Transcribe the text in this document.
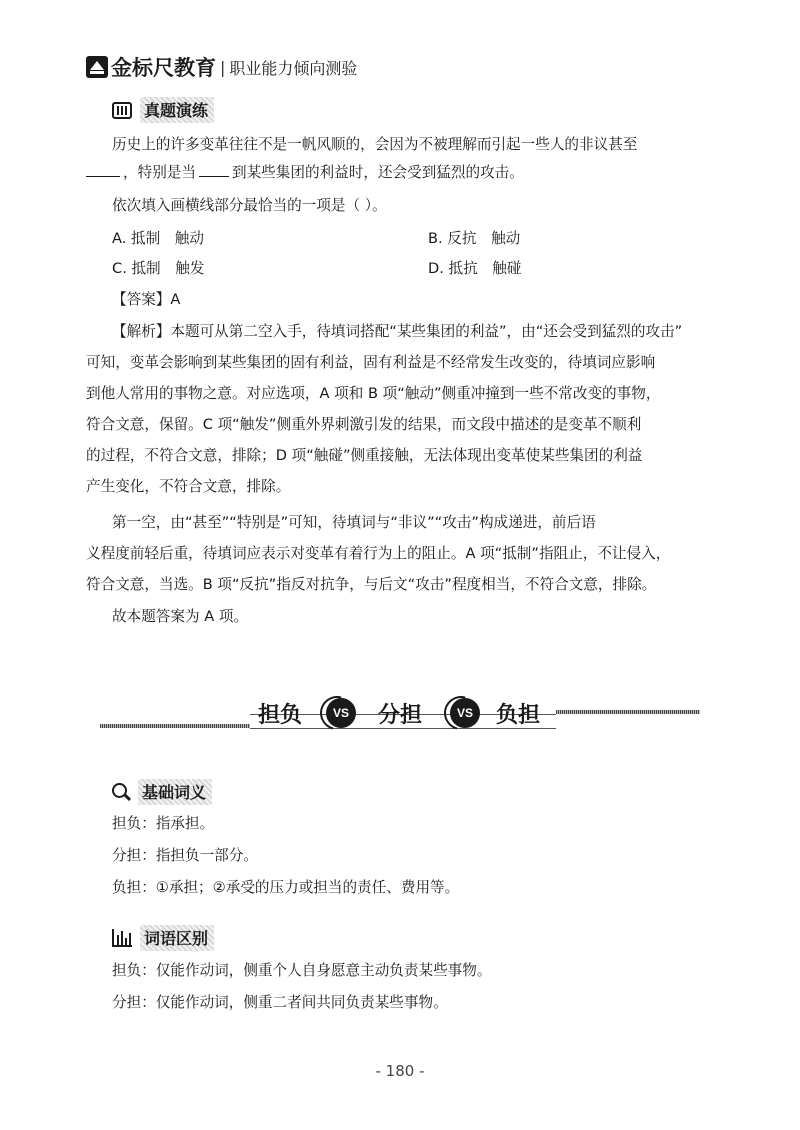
金标尺教育 | 职业能力倾向测验
真题演练
历史上的许多变革往往不是一帆风顺的，会因为不被理解而引起一些人的非议甚至
，特别是当 到某些集团的利益时，还会受到猛烈的攻击。
依次填入画横线部分最恰当的一项是（ ）。
A. 抵制　触动	B. 反抗　触动
C. 抵制　触发	D. 抵抗　触碰
【答案】A
【解析】本题可从第二空入手，待填词搭配“某些集团的利益”，由“还会受到猛烈的攻击”
可知，变革会影响到某些集团的固有利益，固有利益是不经常发生改变的，待填词应影响
到他人常用的事物之意。对应选项，A 项和 B 项“触动”侧重冲撞到一些不常改变的事物，
符合文意，保留。C 项“触发”侧重外界刺激引发的结果，而文段中描述的是变革不顺利
的过程，不符合文意，排除；D 项“触碰”侧重接触，无法体现出变革使某些集团的利益
产生变化，不符合文意，排除。
第一空，由“甚至”“特别是”可知，待填词与“非议”“攻击”构成递进，前后语
义程度前轻后重，待填词应表示对变革有着行为上的阻止。A 项“抵制”指阻止，不让侵入，
符合文意，当选。B 项“反抗”指反对抗争，与后文“攻击”程度相当，不符合文意，排除。
故本题答案为 A 项。
担负	VS	分担	VS	负担
基础词义
担负：指承担。
分担：指担负一部分。
负担：①承担；②承受的压力或担当的责任、费用等。
词语区别
担负：仅能作动词，侧重个人自身愿意主动负责某些事物。
分担：仅能作动词，侧重二者间共同负责某些事物。
- 180 -
